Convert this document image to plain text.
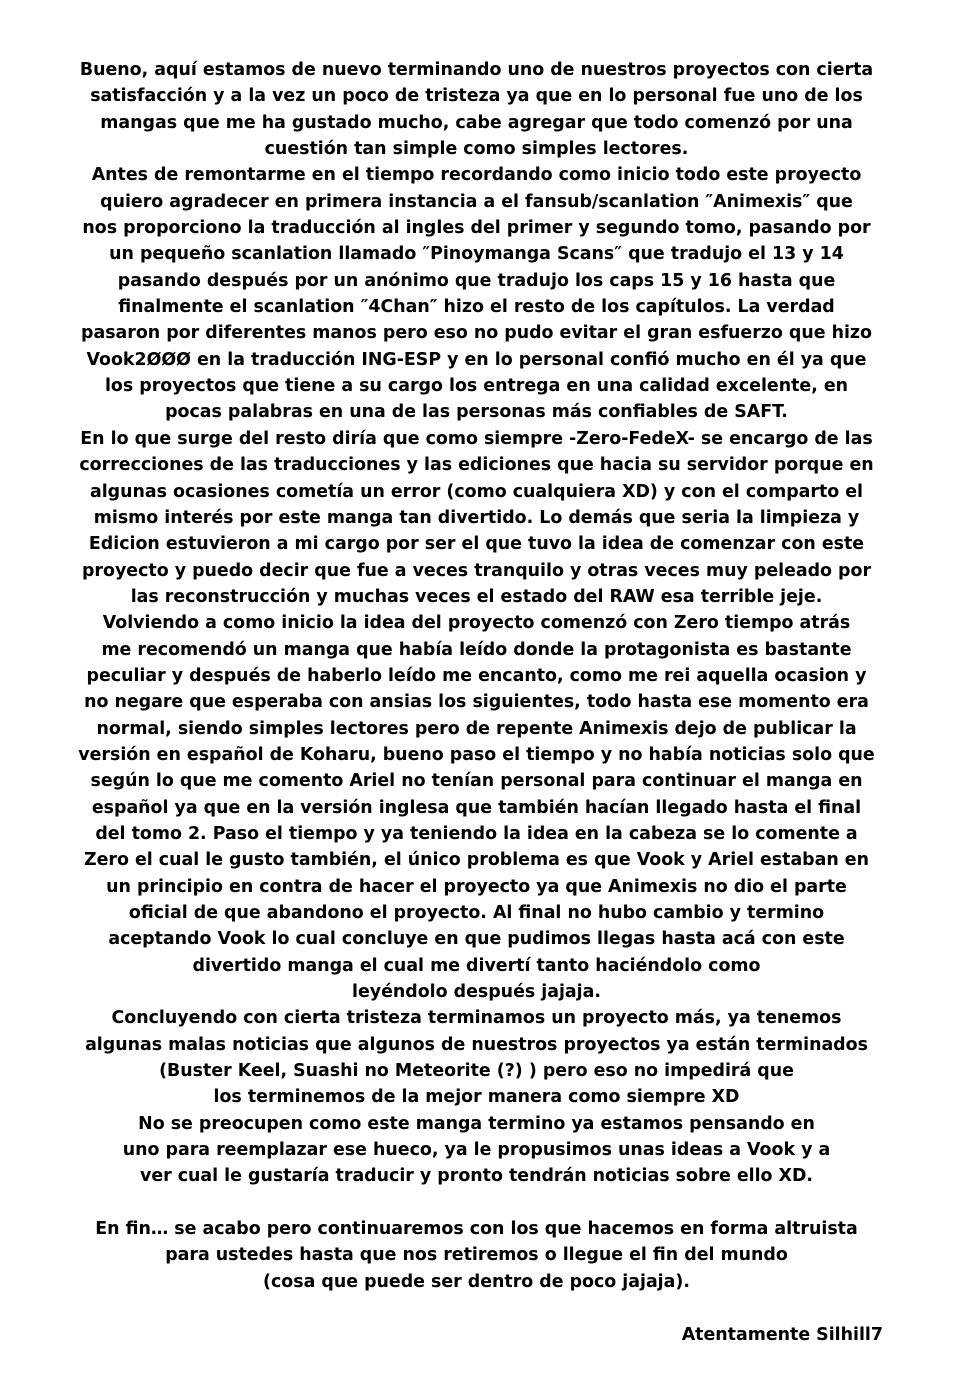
Bueno, aquí estamos de nuevo terminando uno de nuestros proyectos con cierta
satisfacción y a la vez un poco de tristeza ya que en lo personal fue uno de los
mangas que me ha gustado mucho, cabe agregar que todo comenzó por una
cuestión tan simple como simples lectores.
Antes de remontarme en el tiempo recordando como inicio todo este proyecto
quiero agradecer en primera instancia a el fansub/scanlation ″Animexis″ que
nos proporciono la traducción al ingles del primer y segundo tomo, pasando por
un pequeño scanlation llamado ″Pinoymanga Scans″ que tradujo el 13 y 14
pasando después por un anónimo que tradujo los caps 15 y 16 hasta que
finalmente el scanlation ″4Chan″ hizo el resto de los capítulos. La verdad
pasaron por diferentes manos pero eso no pudo evitar el gran esfuerzo que hizo
Vook2ØØØ en la traducción ING-ESP y en lo personal confió mucho en él ya que
los proyectos que tiene a su cargo los entrega en una calidad excelente, en
pocas palabras en una de las personas más confiables de SAFT.
En lo que surge del resto diría que como siempre -Zero-FedeX- se encargo de las
correcciones de las traducciones y las ediciones que hacia su servidor porque en
algunas ocasiones cometía un error (como cualquiera XD) y con el comparto el
mismo interés por este manga tan divertido. Lo demás que seria la limpieza y
Edicion estuvieron a mi cargo por ser el que tuvo la idea de comenzar con este
proyecto y puedo decir que fue a veces tranquilo y otras veces muy peleado por
las reconstrucción y muchas veces el estado del RAW esa terrible jeje.
Volviendo a como inicio la idea del proyecto comenzó con Zero tiempo atrás
me recomendó un manga que había leído donde la protagonista es bastante
peculiar y después de haberlo leído me encanto, como me rei aquella ocasion y
no negare que esperaba con ansias los siguientes, todo hasta ese momento era
normal, siendo simples lectores pero de repente Animexis dejo de publicar la
versión en español de Koharu, bueno paso el tiempo y no había noticias solo que
según lo que me comento Ariel no tenían personal para continuar el manga en
español ya que en la versión inglesa que también hacían llegado hasta el final
del tomo 2. Paso el tiempo y ya teniendo la idea en la cabeza se lo comente a
Zero el cual le gusto también, el único problema es que Vook y Ariel estaban en
un principio en contra de hacer el proyecto ya que Animexis no dio el parte
oficial de que abandono el proyecto. Al final no hubo cambio y termino
aceptando Vook lo cual concluye en que pudimos llegas hasta acá con este
divertido manga el cual me divertí tanto haciéndolo como
leyéndolo después jajaja.
Concluyendo con cierta tristeza terminamos un proyecto más, ya tenemos
algunas malas noticias que algunos de nuestros proyectos ya están terminados
(Buster Keel, Suashi no Meteorite (?) ) pero eso no impedirá que
los terminemos de la mejor manera como siempre XD
No se preocupen como este manga termino ya estamos pensando en
uno para reemplazar ese hueco, ya le propusimos unas ideas a Vook y a
ver cual le gustaría traducir y pronto tendrán noticias sobre ello XD.
En fin… se acabo pero continuaremos con los que hacemos en forma altruista
para ustedes hasta que nos retiremos o llegue el fin del mundo
(cosa que puede ser dentro de poco jajaja).
Atentamente Silhill7
